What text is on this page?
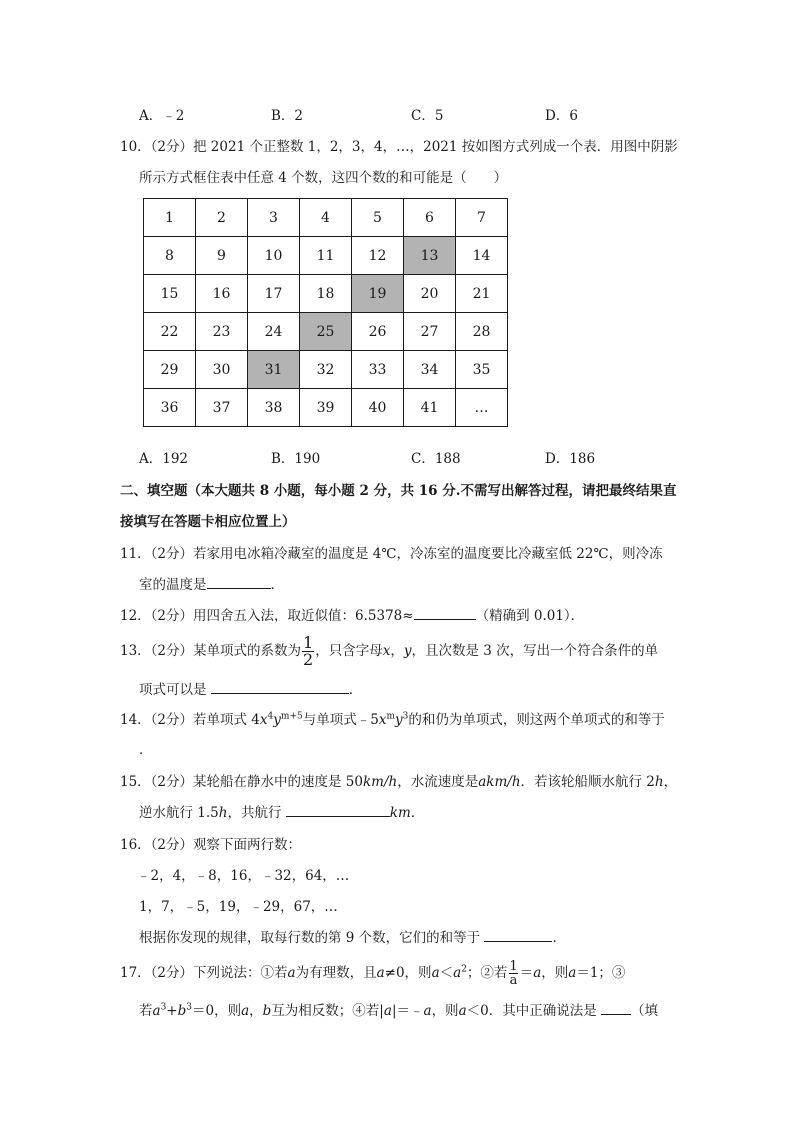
A．﹣2	B．2	C．5	D．6
10．（2分）把 2021 个正整数 1，2，3，4，…，2021 按如图方式列成一个表．用图中阴影
所示方式框住表中任意 4 个数，这四个数的和可能是（　　）
1	2	3	4	5	6	7
8	9	10	11	12	13	14
15	16	17	18	19	20	21
22	23	24	25	26	27	28
29	30	31	32	33	34	35
36	37	38	39	40	41	…
A．192	B．190	C．188	D．186
二、填空题（本大题共 8 小题，每小题 2 分，共 16 分.不需写出解答过程，请把最终结果直
接填写在答题卡相应位置上）
11．（2分）若家用电冰箱冷藏室的温度是 4℃，冷冻室的温度要比冷藏室低 22℃，则冷冻
室的温度是	．
12．（2分）用四舍五入法，取近似值：6.5378≈	（精确到 0.01）．
13．（2分）某单项式的系数为 $\frac{1}{2}$ ，只含字母x，y，且次数是 3 次，写出一个符合条件的单
项式可以是	．
14．（2分）若单项式 $4x^4y^{m+5}$与单项式$﹣5x^my^3$的和仍为单项式，则这两个单项式的和等于
．
15．（2分）某轮船在静水中的速度是 50km/h，水流速度是akm/h．若该轮船顺水航行 2h，
逆水航行 1.5h，共航行	km．
16．（2分）观察下面两行数：
﹣2，4，﹣8，16，﹣32，64，…
1，7，﹣5，19，﹣29，67，…
根据你发现的规律，取每行数的第 9 个数，它们的和等于	．
17．（2分）下列说法：①若a为有理数，且a≠0，则$a<a^2$；②若 $\frac{1}{a} =a$，则a＝1；③
若$a^3+b^3=0$，则a，b互为相反数；④若|a|＝﹣a，则a＜0．其中正确说法是	（填
